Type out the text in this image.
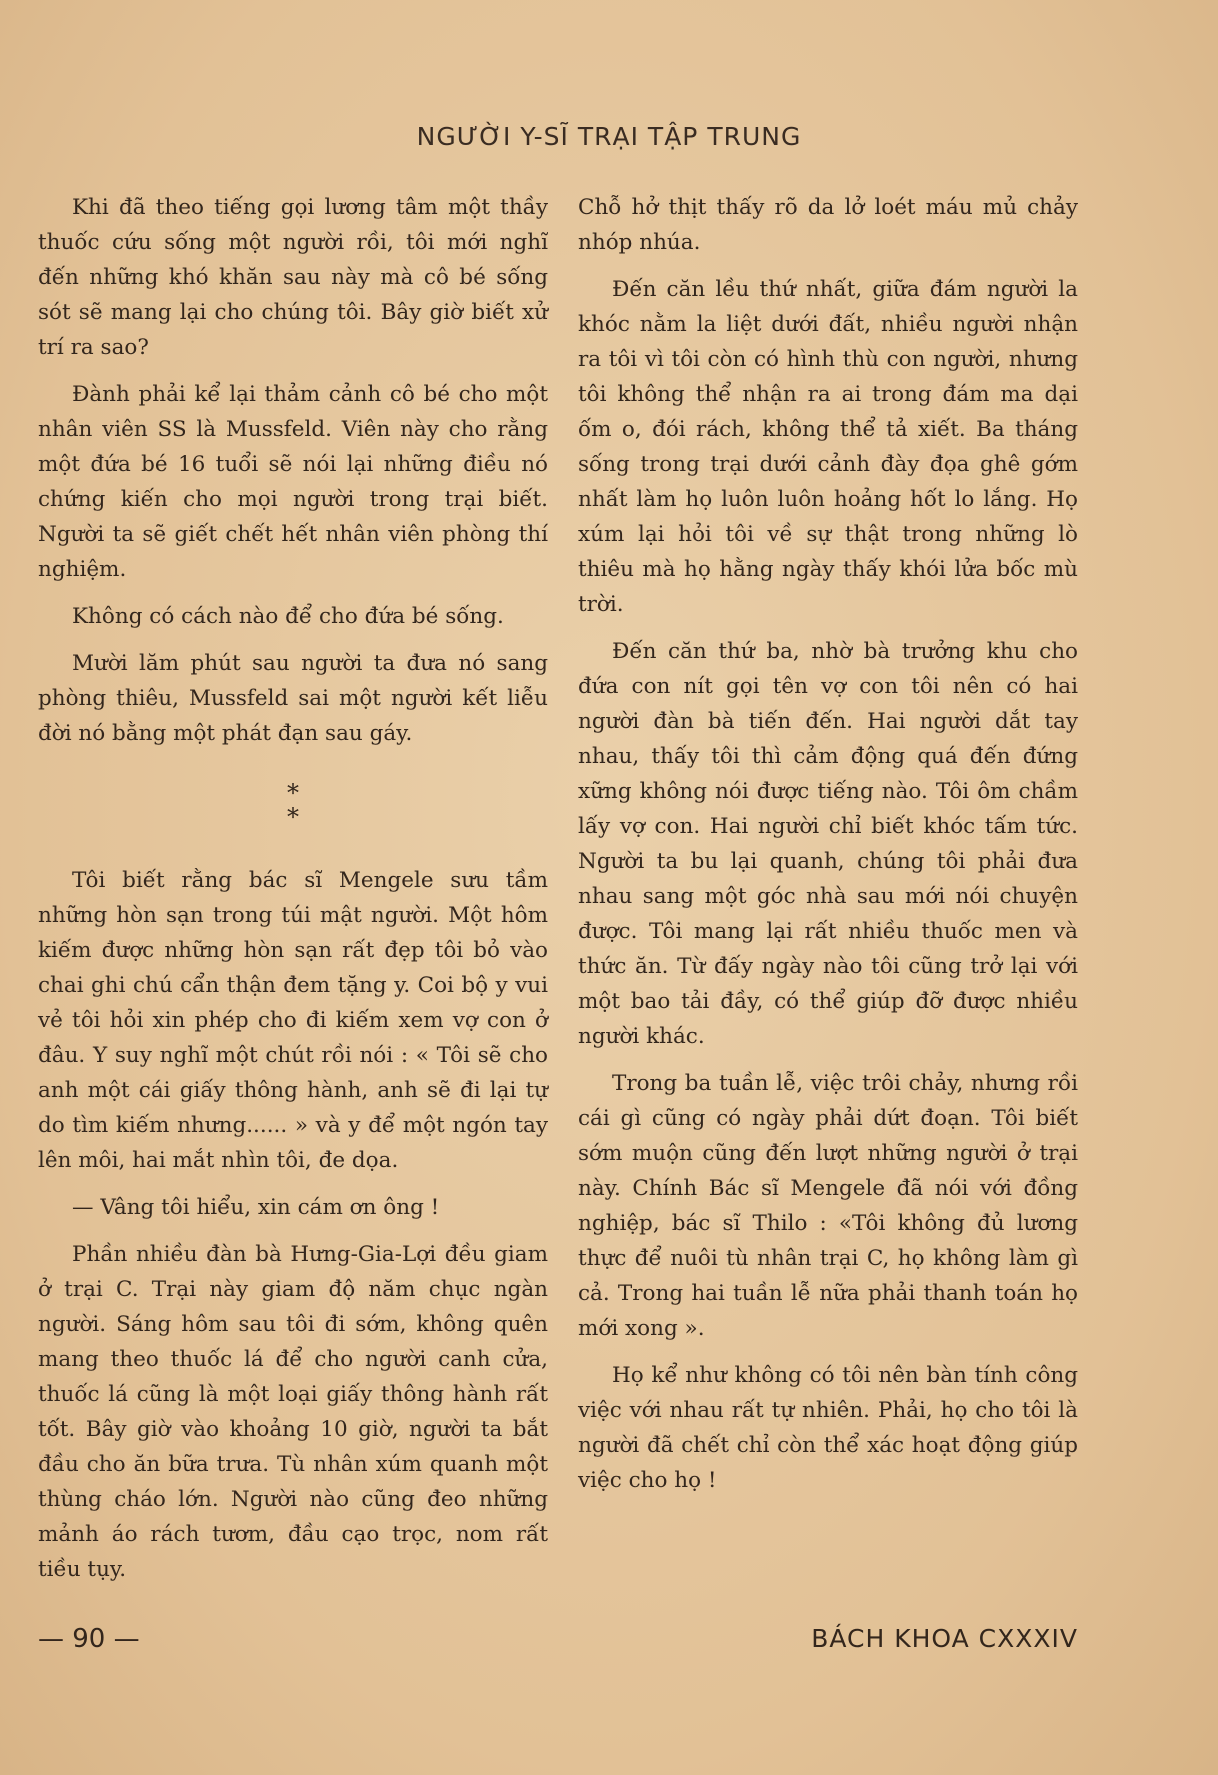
NGƯỜI Y-SĨ TRẠI TẬP TRUNG

Khi đã theo tiếng gọi lương tâm một thầy thuốc cứu sống một người rồi, tôi mới nghĩ đến những khó khăn sau này mà cô bé sống sót sẽ mang lại cho chúng tôi. Bây giờ biết xử trí ra sao?

Đành phải kể lại thảm cảnh cô bé cho một nhân viên SS là Mussfeld. Viên này cho rằng một đứa bé 16 tuổi sẽ nói lại những điều nó chứng kiến cho mọi người trong trại biết. Người ta sẽ giết chết hết nhân viên phòng thí nghiệm.

Không có cách nào để cho đứa bé sống.

Mười lăm phút sau người ta đưa nó sang phòng thiêu, Mussfeld sai một người kết liễu đời nó bằng một phát đạn sau gáy.

*
*

Tôi biết rằng bác sĩ Mengele sưu tầm những hòn sạn trong túi mật người. Một hôm kiếm được những hòn sạn rất đẹp tôi bỏ vào chai ghi chú cẩn thận đem tặng y. Coi bộ y vui vẻ tôi hỏi xin phép cho đi kiếm xem vợ con ở đâu. Y suy nghĩ một chút rồi nói : « Tôi sẽ cho anh một cái giấy thông hành, anh sẽ đi lại tự do tìm kiếm nhưng...... » và y để một ngón tay lên môi, hai mắt nhìn tôi, đe dọa.

— Vâng tôi hiểu, xin cám ơn ông !

Phần nhiều đàn bà Hưng-Gia-Lợi đều giam ở trại C. Trại này giam độ năm chục ngàn người. Sáng hôm sau tôi đi sớm, không quên mang theo thuốc lá để cho người canh cửa, thuốc lá cũng là một loại giấy thông hành rất tốt. Bây giờ vào khoảng 10 giờ, người ta bắt đầu cho ăn bữa trưa. Tù nhân xúm quanh một thùng cháo lớn. Người nào cũng đeo những mảnh áo rách tươm, đầu cạo trọc, nom rất tiều tụy.

Chỗ hở thịt thấy rõ da lở loét máu mủ chảy nhóp nhúa.

Đến căn lều thứ nhất, giữa đám người la khóc nằm la liệt dưới đất, nhiều người nhận ra tôi vì tôi còn có hình thù con người, nhưng tôi không thể nhận ra ai trong đám ma dại ốm o, đói rách, không thể tả xiết. Ba tháng sống trong trại dưới cảnh đày đọa ghê gớm nhất làm họ luôn luôn hoảng hốt lo lắng. Họ xúm lại hỏi tôi về sự thật trong những lò thiêu mà họ hằng ngày thấy khói lửa bốc mù trời.

Đến căn thứ ba, nhờ bà trưởng khu cho đứa con nít gọi tên vợ con tôi nên có hai người đàn bà tiến đến. Hai người dắt tay nhau, thấy tôi thì cảm động quá đến đứng xững không nói được tiếng nào. Tôi ôm chầm lấy vợ con. Hai người chỉ biết khóc tấm tức. Người ta bu lại quanh, chúng tôi phải đưa nhau sang một góc nhà sau mới nói chuyện được. Tôi mang lại rất nhiều thuốc men và thức ăn. Từ đấy ngày nào tôi cũng trở lại với một bao tải đầy, có thể giúp đỡ được nhiều người khác.

Trong ba tuần lễ, việc trôi chảy, nhưng rồi cái gì cũng có ngày phải dứt đoạn. Tôi biết sớm muộn cũng đến lượt những người ở trại này. Chính Bác sĩ Mengele đã nói với đồng nghiệp, bác sĩ Thilo : «Tôi không đủ lương thực để nuôi tù nhân trại C, họ không làm gì cả. Trong hai tuần lễ nữa phải thanh toán họ mới xong ».

Họ kể như không có tôi nên bàn tính công việc với nhau rất tự nhiên. Phải, họ cho tôi là người đã chết chỉ còn thể xác hoạt động giúp việc cho họ !

— 90 —	BÁCH KHOA CXXXIV
